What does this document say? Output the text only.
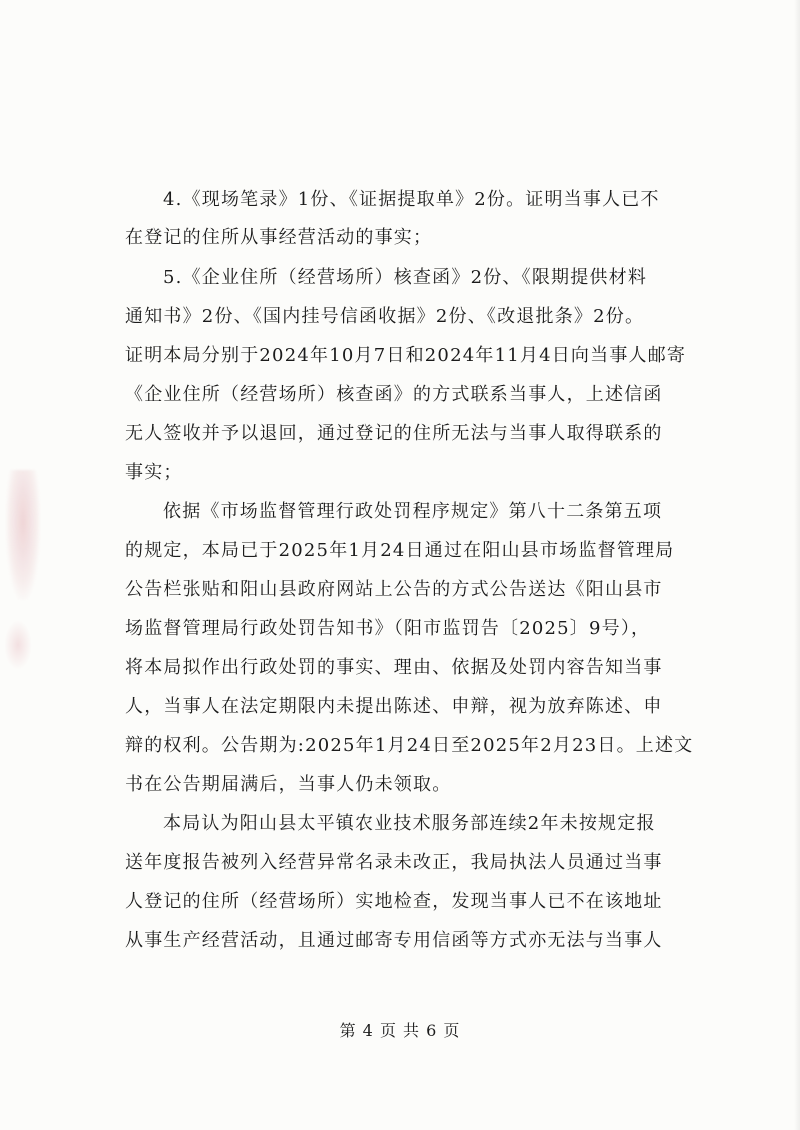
4.《现场笔录》1份、《证据提取单》2份。证明当事人已不

在登记的住所从事经营活动的事实；

5.《企业住所（经营场所）核查函》2份、《限期提供材料

通知书》2份、《国内挂号信函收据》2份、《改退批条》2份。

证明本局分别于2024年10月7日和2024年11月4日向当事人邮寄

《企业住所（经营场所）核查函》的方式联系当事人，上述信函

无人签收并予以退回，通过登记的住所无法与当事人取得联系的

事实；

依据《市场监督管理行政处罚程序规定》第八十二条第五项

的规定，本局已于2025年1月24日通过在阳山县市场监督管理局

公告栏张贴和阳山县政府网站上公告的方式公告送达《阳山县市

场监督管理局行政处罚告知书》（阳市监罚告〔2025〕9号），

将本局拟作出行政处罚的事实、理由、依据及处罚内容告知当事

人，当事人在法定期限内未提出陈述、申辩，视为放弃陈述、申

辩的权利。公告期为:2025年1月24日至2025年2月23日。上述文

书在公告期届满后，当事人仍未领取。

本局认为阳山县太平镇农业技术服务部连续2年未按规定报

送年度报告被列入经营异常名录未改正，我局执法人员通过当事

人登记的住所（经营场所）实地检查，发现当事人已不在该地址

从事生产经营活动，且通过邮寄专用信函等方式亦无法与当事人

第 4 页 共 6 页
